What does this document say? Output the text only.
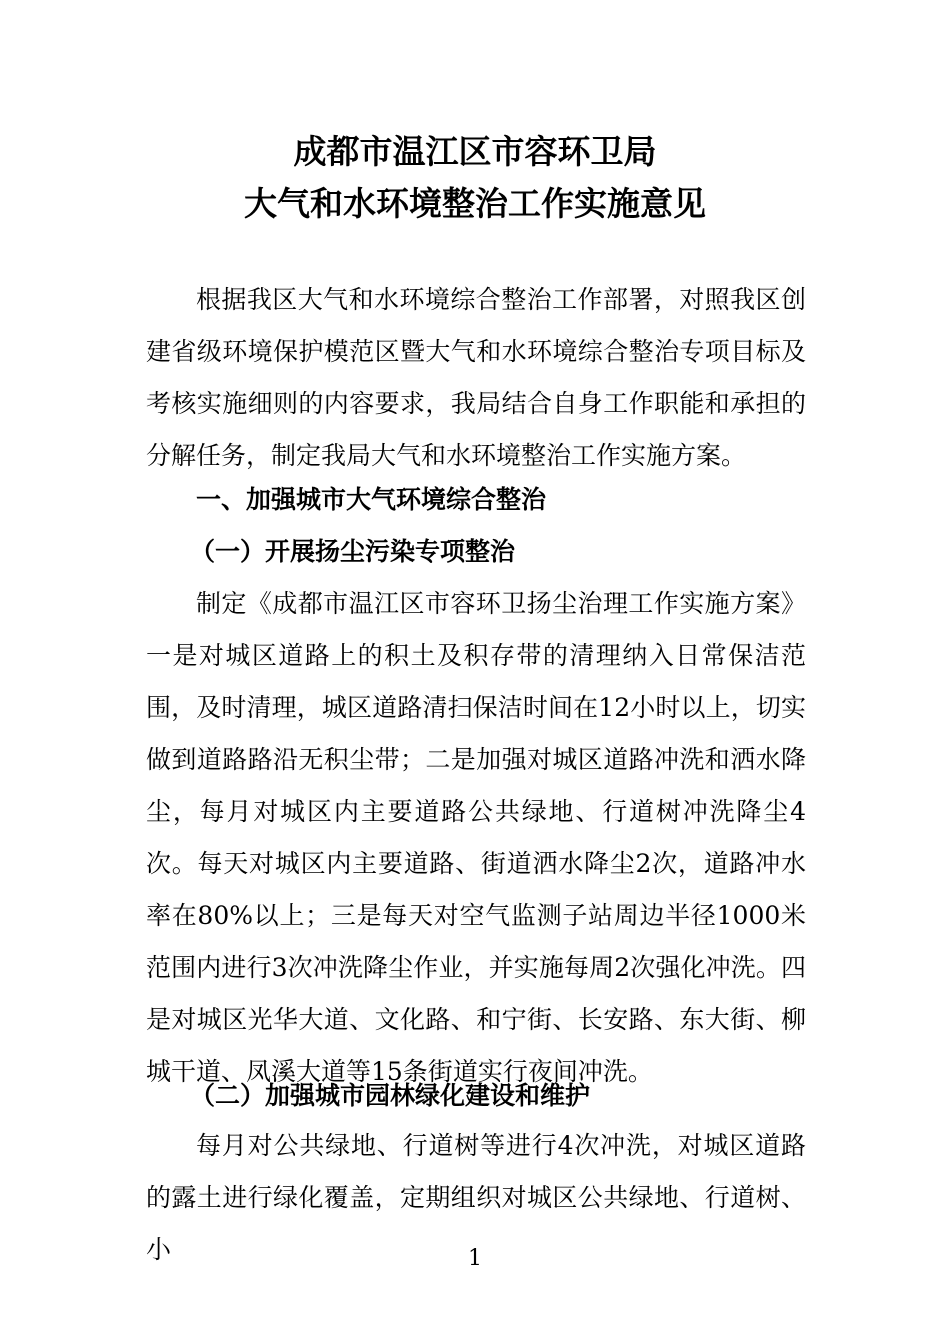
成都市温江区市容环卫局
大气和水环境整治工作实施意见

根据我区大气和水环境综合整治工作部署，对照我区创建省级环境保护模范区暨大气和水环境综合整治专项目标及考核实施细则的内容要求，我局结合自身工作职能和承担的分解任务，制定我局大气和水环境整治工作实施方案。

一、加强城市大气环境综合整治

（一）开展扬尘污染专项整治

制定《成都市温江区市容环卫扬尘治理工作实施方案》一是对城区道路上的积土及积存带的清理纳入日常保洁范围，及时清理，城区道路清扫保洁时间在12小时以上，切实做到道路路沿无积尘带；二是加强对城区道路冲洗和洒水降尘，每月对城区内主要道路公共绿地、行道树冲洗降尘4次。每天对城区内主要道路、街道洒水降尘2次，道路冲水率在80%以上；三是每天对空气监测子站周边半径1000米范围内进行3次冲洗降尘作业，并实施每周2次强化冲洗。四是对城区光华大道、文化路、和宁街、长安路、东大街、柳城干道、凤溪大道等15条街道实行夜间冲洗。

（二）加强城市园林绿化建设和维护

每月对公共绿地、行道树等进行4次冲洗，对城区道路的露土进行绿化覆盖，定期组织对城区公共绿地、行道树、小	1
